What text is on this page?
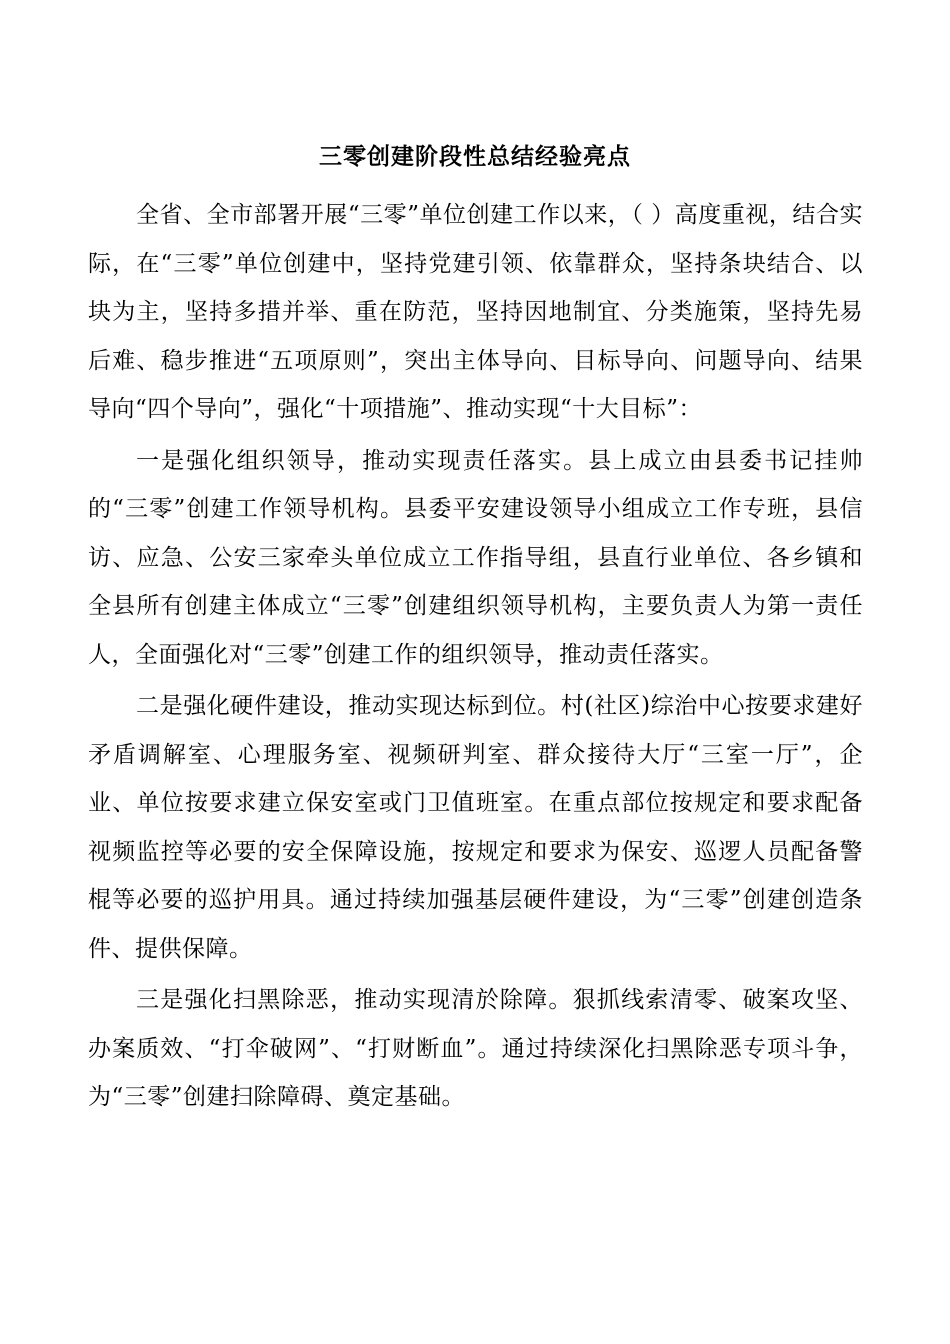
三零创建阶段性总结经验亮点

全省、全市部署开展“三零”单位创建工作以来，（ ）高度重视，结合实际，在“三零”单位创建中，坚持党建引领、依靠群众，坚持条块结合、以块为主，坚持多措并举、重在防范，坚持因地制宜、分类施策，坚持先易后难、稳步推进“五项原则”，突出主体导向、目标导向、问题导向、结果导向“四个导向”，强化“十项措施”、推动实现“十大目标”：

一是强化组织领导，推动实现责任落实。县上成立由县委书记挂帅的“三零”创建工作领导机构。县委平安建设领导小组成立工作专班，县信访、应急、公安三家牵头单位成立工作指导组，县直行业单位、各乡镇和全县所有创建主体成立“三零”创建组织领导机构，主要负责人为第一责任人，全面强化对“三零”创建工作的组织领导，推动责任落实。

二是强化硬件建设，推动实现达标到位。村(社区)综治中心按要求建好矛盾调解室、心理服务室、视频研判室、群众接待大厅“三室一厅”，企业、单位按要求建立保安室或门卫值班室。在重点部位按规定和要求配备视频监控等必要的安全保障设施，按规定和要求为保安、巡逻人员配备警棍等必要的巡护用具。通过持续加强基层硬件建设，为“三零”创建创造条件、提供保障。

三是强化扫黑除恶，推动实现清於除障。狠抓线索清零、破案攻坚、办案质效、“打伞破网”、“打财断血”。通过持续深化扫黑除恶专项斗争，为“三零”创建扫除障碍、奠定基础。
